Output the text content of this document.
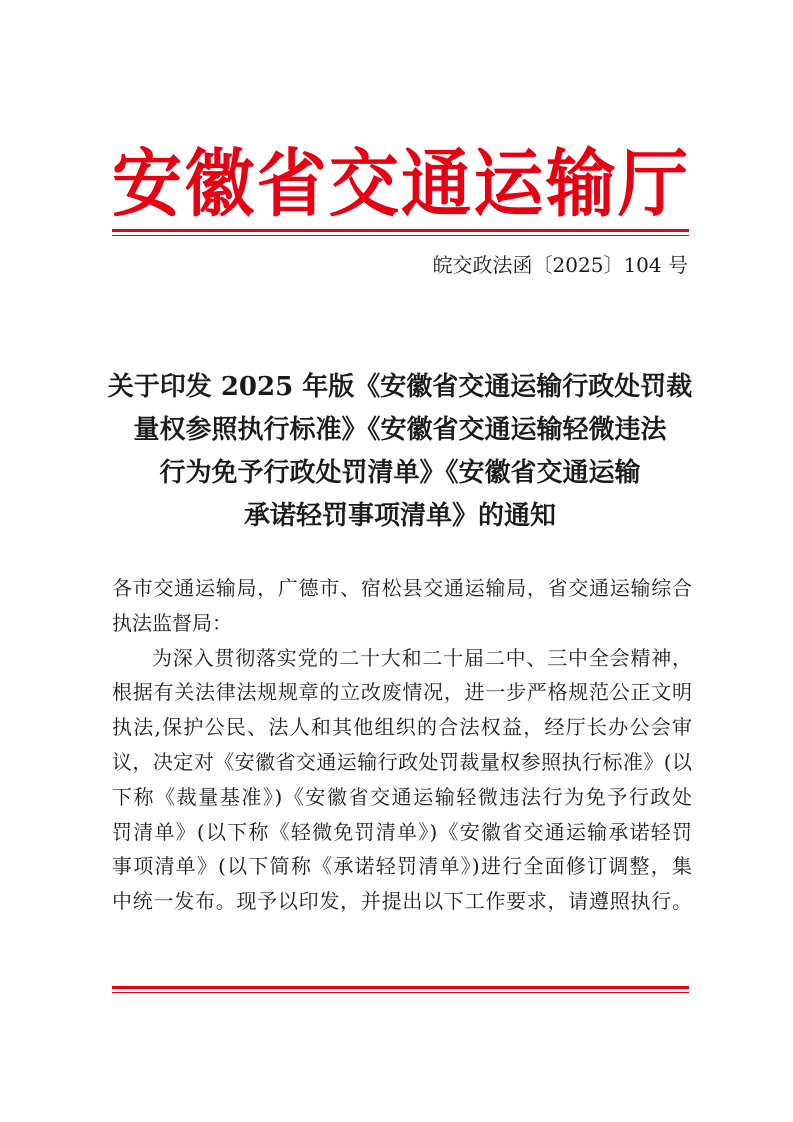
安 徽 省 交 通 运 输 厅
皖交政法函〔2025〕104 号
关于印发 2025 年版《安徽省交通运输行政处罚裁
量权参照执行标准》《安徽省交通运输轻微违法
行为免予行政处罚清单》《安徽省交通运输
承诺轻罚事项清单》的通知
各市交通运输局，广德市、宿松县交通运输局，省交通运输综合
执法监督局：
为深入贯彻落实党的二十大和二十届二中、三中全会精神，
根据有关法律法规规章的立改废情况，进一步严格规范公正文明
执法,保护公民、法人和其他组织的合法权益，经厅长办公会审
议，决定对《安徽省交通运输行政处罚裁量权参照执行标准》(以
下称《裁量基准》)《安徽省交通运输轻微违法行为免予行政处
罚清单》(以下称《轻微免罚清单》)《安徽省交通运输承诺轻罚
事项清单》(以下简称《承诺轻罚清单》)进行全面修订调整，集
中统一发布。现予以印发，并提出以下工作要求，请遵照执行。
